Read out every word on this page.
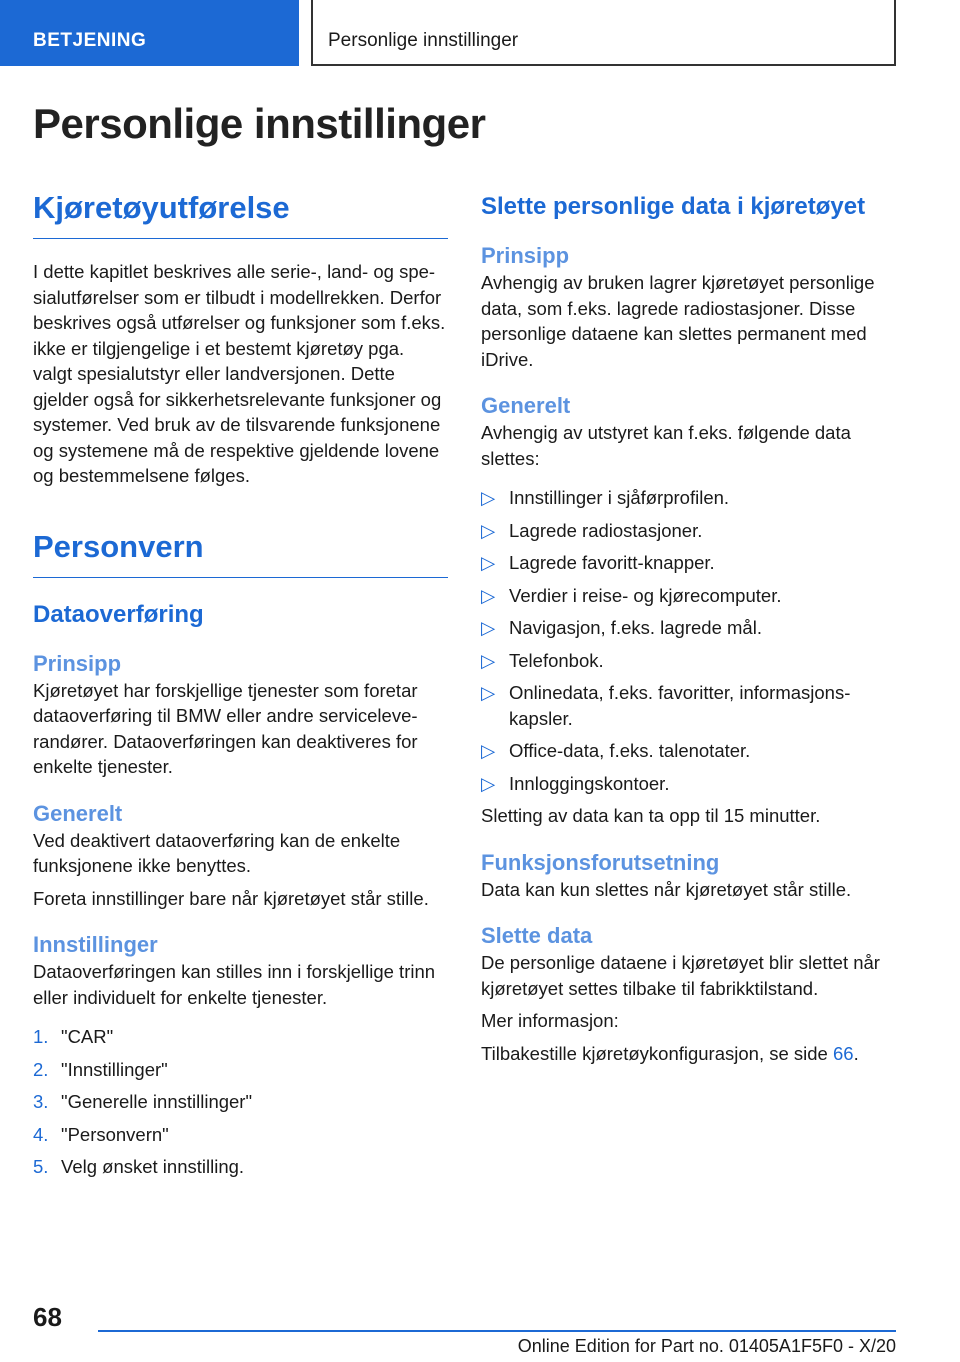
BETJENING	Personlige innstillinger
Personlige innstillinger
Kjøretøyutførelse

I dette kapitlet beskrives alle serie-, land- og spesialutførelser som er tilbudt i modellrekken. Derfor beskrives også utførelser og funksjoner som f.eks. ikke er tilgjengelige i et bestemt kjøretøy pga. valgt spesialutstyr eller landversjonen. Dette gjelder også for sikkerhetsrelevante funksjoner og systemer. Ved bruk av de tilsvarende funksjonene og systemene må de respektive gjeldende lovene og bestemmelsene følges.

Personvern
Dataoverføring
Prinsipp

Kjøretøyet har forskjellige tjenester som foretar dataoverføring til BMW eller andre serviceleverandører. Dataoverføringen kan deaktiveres for enkelte tjenester.

Generelt

Ved deaktivert dataoverføring kan de enkelte funksjonene ikke benyttes.

Foreta innstillinger bare når kjøretøyet står stille.

Innstillinger

Dataoverføringen kan stilles inn i forskjellige trinn eller individuelt for enkelte tjenester.

1. "CAR"
2. "Innstillinger"
3. "Generelle innstillinger"
4. "Personvern"
5. Velg ønsket innstilling.
Slette personlige data i kjøretøyet
Prinsipp

Avhengig av bruken lagrer kjøretøyet personlige data, som f.eks. lagrede radiostasjoner. Disse personlige dataene kan slettes permanent med iDrive.

Generelt

Avhengig av utstyret kan f.eks. følgende data slettes:

▷ Innstillinger i sjåførprofilen.
▷ Lagrede radiostasjoner.
▷ Lagrede favoritt-knapper.
▷ Verdier i reise- og kjørecomputer.
▷ Navigasjon, f.eks. lagrede mål.
▷ Telefonbok.
▷ Onlinedata, f.eks. favoritter, informasjonskapsler.
▷ Office-data, f.eks. talenotater.
▷ Innloggingskontoer.

Sletting av data kan ta opp til 15 minutter.

Funksjonsforutsetning

Data kan kun slettes når kjøretøyet står stille.

Slette data

De personlige dataene i kjøretøyet blir slettet når kjøretøyet settes tilbake til fabrikktilstand.

Mer informasjon:

Tilbakestille kjøretøykonfigurasjon, se side 66.

68
Online Edition for Part no. 01405A1F5F0 - X/20
